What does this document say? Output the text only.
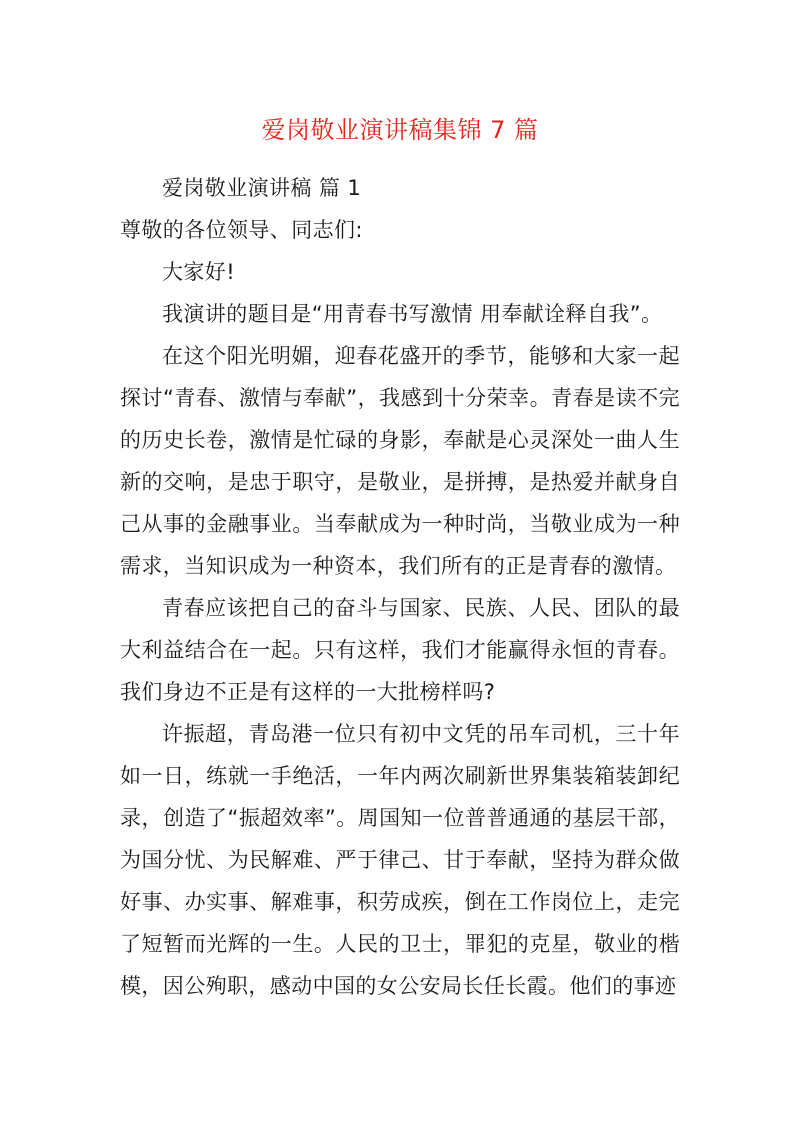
爱岗敬业演讲稿集锦 7 篇

爱岗敬业演讲稿 篇 1

尊敬的各位领导、同志们:

大家好!

我演讲的题目是“用青春书写激情 用奉献诠释自我”。

在这个阳光明媚，迎春花盛开的季节，能够和大家一起探讨“青春、激情与奉献”，我感到十分荣幸。青春是读不完的历史长卷，激情是忙碌的身影，奉献是心灵深处一曲人生新的交响，是忠于职守，是敬业，是拼搏，是热爱并献身自己从事的金融事业。当奉献成为一种时尚，当敬业成为一种需求，当知识成为一种资本，我们所有的正是青春的激情。

青春应该把自己的奋斗与国家、民族、人民、团队的最大利益结合在一起。只有这样，我们才能赢得永恒的青春。我们身边不正是有这样的一大批榜样吗?

许振超，青岛港一位只有初中文凭的吊车司机，三十年如一日，练就一手绝活，一年内两次刷新世界集装箱装卸纪录，创造了“振超效率”。周国知一位普普通通的基层干部，为国分忧、为民解难、严于律己、甘于奉献，坚持为群众做好事、办实事、解难事，积劳成疾，倒在工作岗位上，走完了短暂而光辉的一生。人民的卫士，罪犯的克星，敬业的楷模，因公殉职，感动中国的女公安局长任长霞。他们的事迹
